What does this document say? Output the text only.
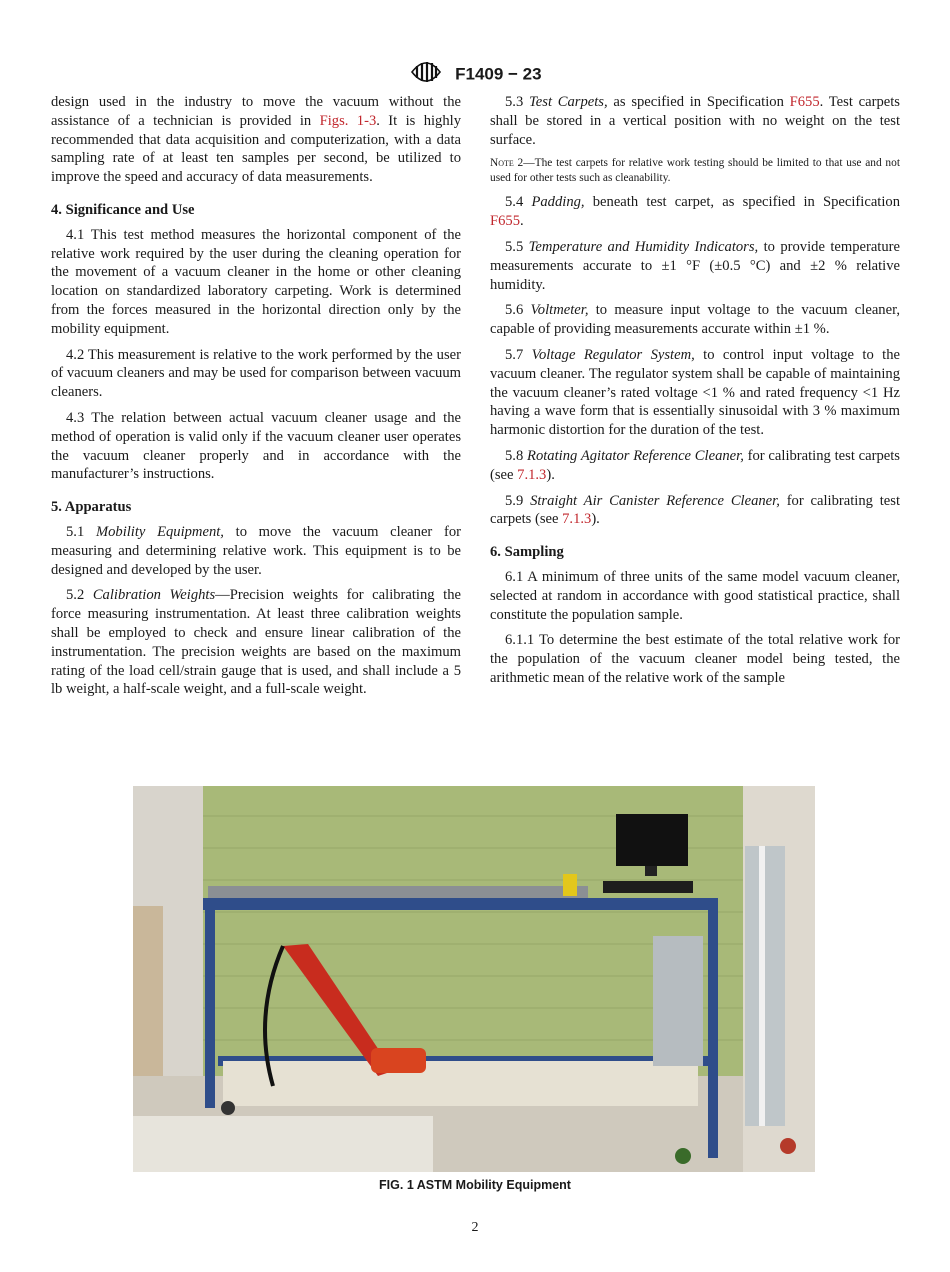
F1409 − 23

design used in the industry to move the vacuum without the assistance of a technician is provided in Figs. 1-3. It is highly recommended that data acquisition and computerization, with a data sampling rate of at least ten samples per second, be utilized to improve the speed and accuracy of data measurements.

4. Significance and Use

4.1 This test method measures the horizontal component of the relative work required by the user during the cleaning operation for the movement of a vacuum cleaner in the home or other cleaning location on standardized laboratory carpeting. Work is determined from the forces measured in the horizontal direction only by the mobility equipment.

4.2 This measurement is relative to the work performed by the user of vacuum cleaners and may be used for comparison between vacuum cleaners.

4.3 The relation between actual vacuum cleaner usage and the method of operation is valid only if the vacuum cleaner user operates the vacuum cleaner properly and in accordance with the manufacturer’s instructions.

5. Apparatus

5.1 Mobility Equipment, to move the vacuum cleaner for measuring and determining relative work. This equipment is to be designed and developed by the user.

5.2 Calibration Weights—Precision weights for calibrating the force measuring instrumentation. At least three calibration weights shall be employed to check and ensure linear calibration of the instrumentation. The precision weights are based on the maximum rating of the load cell/strain gauge that is used, and shall include a 5 lb weight, a half-scale weight, and a full-scale weight.

5.3 Test Carpets, as specified in Specification F655. Test carpets shall be stored in a vertical position with no weight on the test surface.

Note 2—The test carpets for relative work testing should be limited to that use and not used for other tests such as cleanability.

5.4 Padding, beneath test carpet, as specified in Specification F655.

5.5 Temperature and Humidity Indicators, to provide temperature measurements accurate to ±1 °F (±0.5 °C) and ±2 % relative humidity.

5.6 Voltmeter, to measure input voltage to the vacuum cleaner, capable of providing measurements accurate within ±1 %.

5.7 Voltage Regulator System, to control input voltage to the vacuum cleaner. The regulator system shall be capable of maintaining the vacuum cleaner’s rated voltage <1 % and rated frequency <1 Hz having a wave form that is essentially sinusoidal with 3 % maximum harmonic distortion for the duration of the test.

5.8 Rotating Agitator Reference Cleaner, for calibrating test carpets (see 7.1.3).

5.9 Straight Air Canister Reference Cleaner, for calibrating test carpets (see 7.1.3).

6. Sampling

6.1 A minimum of three units of the same model vacuum cleaner, selected at random in accordance with good statistical practice, shall constitute the population sample.

6.1.1 To determine the best estimate of the total relative work for the population of the vacuum cleaner model being tested, the arithmetic mean of the relative work of the sample

FIG. 1 ASTM Mobility Equipment
2
